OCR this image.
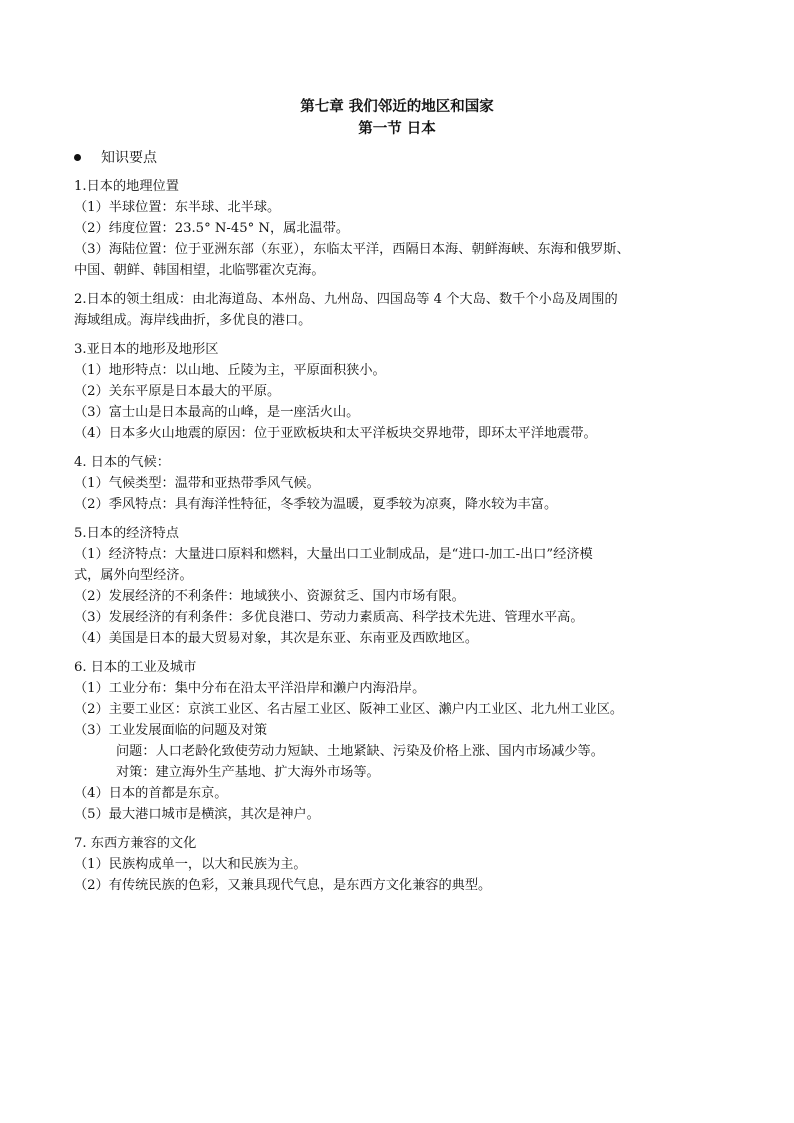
第七章 我们邻近的地区和国家
第一节 日本
知识要点
1.日本的地理位置
（1） 半球位置：东半球、北半球。
（2） 纬度位置：23.5° N-45° N，属北温带。
（3） 海陆位置：位于亚洲东部（东亚），东临太平洋，西隔日本海、朝鲜海峡、东海和俄罗斯、
中国、朝鲜、韩国相望，北临鄂霍次克海。
2.日本的领土组成：由北海道岛、本州岛、九州岛、四国岛等 4 个大岛、数千个小岛及周围的
海域组成。海岸线曲折，多优良的港口。
3.亚日本的地形及地形区
（1） 地形特点：以山地、丘陵为主，平原面积狭小。
（2） 关东平原是日本最大的平原。
（3） 富士山是日本最高的山峰，是一座活火山。
（4） 日本多火山地震的原因：位于亚欧板块和太平洋板块交界地带，即环太平洋地震带。
4. 日本的气候：
（1） 气候类型：温带和亚热带季风气候。
（2） 季风特点：具有海洋性特征，冬季较为温暖，夏季较为凉爽，降水较为丰富。
5.日本的经济特点
（1） 经济特点：大量进口原料和燃料，大量出口工业制成品，是“进口-加工-出口”经济模
式，属外向型经济。
（2） 发展经济的不利条件：地域狭小、资源贫乏、国内市场有限。
（3） 发展经济的有利条件：多优良港口、劳动力素质高、科学技术先进、管理水平高。
（4） 美国是日本的最大贸易对象，其次是东亚、东南亚及西欧地区。
6. 日本的工业及城市
（1） 工业分布：集中分布在沿太平洋沿岸和濑户内海沿岸。
（2） 主要工业区：京滨工业区、名古屋工业区、阪神工业区、濑户内工业区、北九州工业区。
（3） 工业发展面临的问题及对策
问题：人口老龄化致使劳动力短缺、土地紧缺、污染及价格上涨、国内市场减少等。
对策：建立海外生产基地、扩大海外市场等。
（4） 日本的首都是东京。
（5） 最大港口城市是横滨，其次是神户。
7. 东西方兼容的文化
（1） 民族构成单一，以大和民族为主。
（2） 有传统民族的色彩，又兼具现代气息，是东西方文化兼容的典型。
